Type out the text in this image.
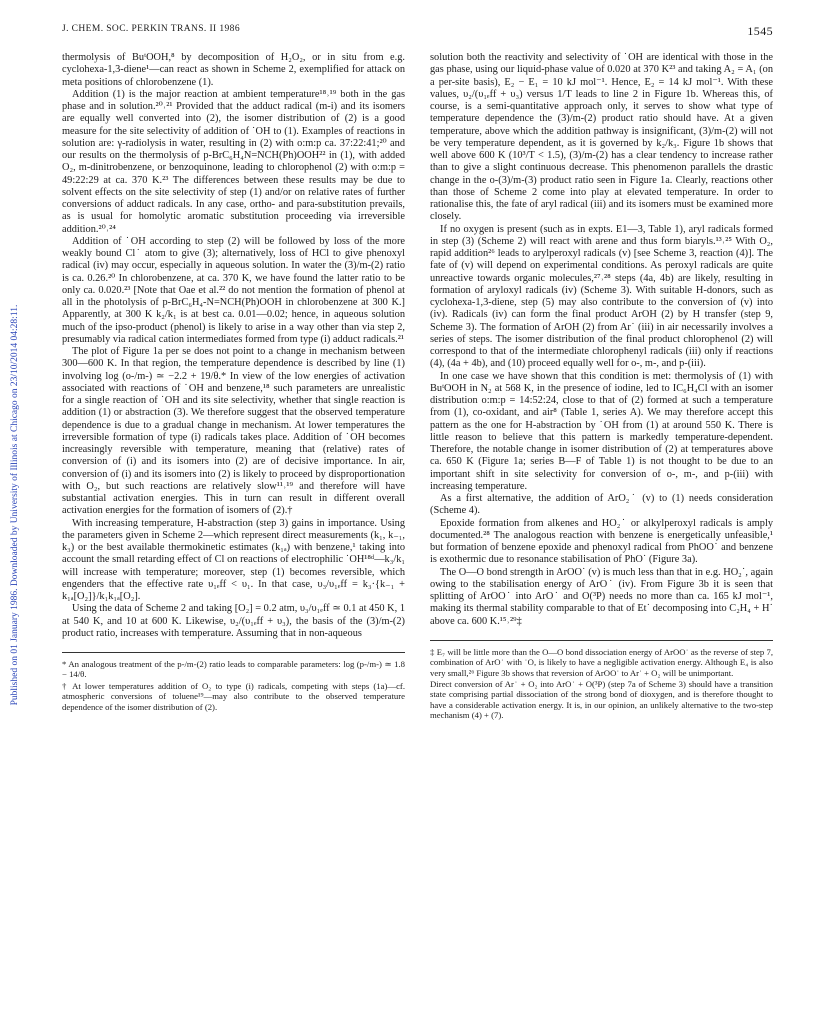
J. CHEM. SOC. PERKIN TRANS. II 1986	1545
Published on 01 January 1986. Downloaded by University of Illinois at Chicago on 23/10/2014 04:28:11.

thermolysis of BuᵗOOH,⁸ by decomposition of H₂O₂, or in situ from e.g. cyclohexa-1,3-diene¹—can react as shown in Scheme 2, exemplified for attack on meta positions of chlorobenzene (1).

Addition (1) is the major reaction at ambient temperature¹⁸˒¹⁹ both in the gas phase and in solution.²⁰˒²¹ Provided that the adduct radical (m-i) and its isomers are equally well converted into (2), the isomer distribution of (2) is a good measure for the site selectivity of addition of ˙OH to (1). Examples of reactions in solution are: γ-radiolysis in water, resulting in (2) with o:m:p ca. 37:22:41;²⁰ and our results on the thermolysis of p-BrC₆H₄N=NCH(Ph)OOH²² in (1), with added O₂, m-dinitrobenzene, or benzoquinone, leading to chlorophenol (2) with o:m:p = 49:22:29 at ca. 370 K.²³ The differences between these results may be due to solvent effects on the site selectivity of step (1) and/or on relative rates of further conversions of adduct radicals. In any case, ortho- and para-substitution prevails, as is usual for homolytic aromatic substitution proceeding via irreversible addition.²⁰˒²⁴

Addition of ˙OH according to step (2) will be followed by loss of the more weakly bound Cl˙ atom to give (3); alternatively, loss of HCl to give phenoxyl radical (iv) may occur, especially in aqueous solution. In water the (3)/m-(2) ratio is ca. 0.26.²⁰ In chlorobenzene, at ca. 370 K, we have found the latter ratio to be only ca. 0.020.²³ [Note that Oae et al.²² do not mention the formation of phenol at all in the photolysis of p-BrC₆H₄-N=NCH(Ph)OOH in chlorobenzene at 300 K.] Apparently, at 300 K k₂/k₁ is at best ca. 0.01—0.02; hence, in aqueous solution much of the ipso-product (phenol) is likely to arise in a way other than via step 2, presumably via radical cation intermediates formed from type (i) adduct radicals.²¹

The plot of Figure 1a per se does not point to a change in mechanism between 300—600 K. In that region, the temperature dependence is described by line (1) involving log (o-/m-) ≃ −2.2 + 19/θ.* In view of the low energies of activation associated with reactions of ˙OH and benzene,¹⁸ such parameters are unrealistic for a single reaction of ˙OH and its site selectivity, whether that single reaction is addition (1) or abstraction (3). We therefore suggest that the observed temperature dependence is due to a gradual change in mechanism. At lower temperatures the irreversible formation of type (i) radicals takes place. Addition of ˙OH becomes increasingly reversible with temperature, meaning that (relative) rates of conversion of (i) and its isomers into (2) are of decisive importance. In air, conversion of (i) and its isomers into (2) is likely to proceed by disproportionation with O₂, but such reactions are relatively slow¹¹˒¹⁹ and therefore will have substantial activation energies. This in turn can result in different overall activation energies for the formation of isomers of (2).†

With increasing temperature, H-abstraction (step 3) gains in importance. Using the parameters given in Scheme 2—which represent direct measurements (k₁, k₋₁, k₃) or the best available thermokinetic estimates (k₁ₐ) with benzene,¹ taking into account the small retarding effect of Cl on reactions of electrophilic ˙OH¹⁸ᵈ—k₃/k₁ will increase with temperature; moreover, step (1) becomes reversible, which engenders that the effective rate υ₁ₑff < υ₁. In that case, υ₃/υ₁ₑff = k₃·{k₋₁ + k₁ₐ[O₂]}/k₁k₁ₐ[O₂].

Using the data of Scheme 2 and taking [O₂] = 0.2 atm, υ₃/υ₁ₑff ≃ 0.1 at 450 K, 1 at 540 K, and 10 at 600 K. Likewise, υ₂/(υ₁ₑff + υ₃), the basis of the (3)/m-(2) product ratio, increases with temperature. Assuming that in non-aqueous

* An analogous treatment of the p-/m-(2) ratio leads to comparable parameters: log (p-/m-) ≃ 1.8 − 14/θ.

† At lower temperatures addition of O₂ to type (i) radicals, competing with steps (1a)—cf. atmospheric conversions of toluene¹⁹—may also contribute to the observed temperature dependence of the isomer distribution of (2).

solution both the reactivity and selectivity of ˙OH are identical with those in the gas phase, using our liquid-phase value of 0.020 at 370 K²³ and taking A₂ = A₁ (on a per-site basis), E₂ − E₁ = 10 kJ mol⁻¹. Hence, E₂ = 14 kJ mol⁻¹. With these values, υ₂/(υ₁ₑff + υ₃) versus 1/T leads to line 2 in Figure 1b. Whereas this, of course, is a semi-quantitative approach only, it serves to show what type of temperature dependence the (3)/m-(2) product ratio should have. At a given temperature, above which the addition pathway is insignificant, (3)/m-(2) will not be very temperature dependent, as it is governed by k₂/k₃. Figure 1b shows that well above 600 K (10³/T < 1.5), (3)/m-(2) has a clear tendency to increase rather than to give a slight continuous decrease. This phenomenon parallels the drastic change in the o-(3)/m-(3) product ratio seen in Figure 1a. Clearly, reactions other than those of Scheme 2 come into play at elevated temperature. In order to rationalise this, the fate of aryl radical (iii) and its isomers must be examined more closely.

If no oxygen is present (such as in expts. E1—3, Table 1), aryl radicals formed in step (3) (Scheme 2) will react with arene and thus form biaryls.¹³˒²⁵ With O₂, rapid addition²⁶ leads to arylperoxyl radicals (v) [see Scheme 3, reaction (4)]. The fate of (v) will depend on experimental conditions. As peroxyl radicals are quite unreactive towards organic molecules,²⁷˒²⁸ steps (4a, 4b) are likely, resulting in formation of aryloxyl radicals (iv) (Scheme 3). With suitable H-donors, such as cyclohexa-1,3-diene, step (5) may also contribute to the conversion of (v) into (iv). Radicals (iv) can form the final product ArOH (2) by H transfer (step 9, Scheme 3). The formation of ArOH (2) from Ar˙ (iii) in air necessarily involves a series of steps. The isomer distribution of the final product chlorophenol (2) will correspond to that of the intermediate chlorophenyl radicals (iii) only if reactions (4), (4a + 4b), and (10) proceed equally well for o-, m-, and p-(iii).

In one case we have shown that this condition is met: thermolysis of (1) with BuᵗOOH in N₂ at 568 K, in the presence of iodine, led to IC₆H₄Cl with an isomer distribution o:m:p = 14:52:24, close to that of (2) formed at such a temperature from (1), co-oxidant, and air⁸ (Table 1, series A). We may therefore accept this pattern as the one for H-abstraction by ˙OH from (1) at around 550 K. There is little reason to believe that this pattern is markedly temperature-dependent. Therefore, the notable change in isomer distribution of (2) at temperatures above ca. 650 K (Figure 1a; series B—F of Table 1) is not thought to be due to an important shift in site selectivity for conversion of o-, m-, and p-(iii) with increasing temperature.

As a first alternative, the addition of ArO₂˙ (v) to (1) needs consideration (Scheme 4).

Epoxide formation from alkenes and HO₂˙ or alkylperoxyl radicals is amply documented.²⁸ The analogous reaction with benzene is energetically unfeasible,¹ but formation of benzene epoxide and phenoxyl radical from PhOO˙ and benzene is exothermic due to resonance stabilisation of PhO˙ (Figure 3a).

The O—O bond strength in ArOO˙ (v) is much less than that in e.g. HO₂˙, again owing to the stabilisation energy of ArO˙ (iv). From Figure 3b it is seen that splitting of ArOO˙ into ArO˙ and O(³P) needs no more than ca. 165 kJ mol⁻¹, making its thermal stability comparable to that of Et˙ decomposing into C₂H₄ + H˙ above ca. 600 K.¹⁵˒²⁹‡

‡ E₇ will be little more than the O—O bond dissociation energy of ArOO˙ as the reverse of step 7, combination of ArO˙ with ˙O, is likely to have a negligible activation energy. Although E₄ is also very small,²⁶ Figure 3b shows that reversion of ArOO˙ to Ar˙ + O₂ will be unimportant.

Direct conversion of Ar˙ + O₂ into ArO˙ + O(³P) (step 7a of Scheme 3) should have a transition state comprising partial dissociation of the strong bond of dioxygen, and is therefore thought to have a considerable activation energy. It is, in our opinion, an unlikely alternative to the two-step mechanism (4) + (7).
